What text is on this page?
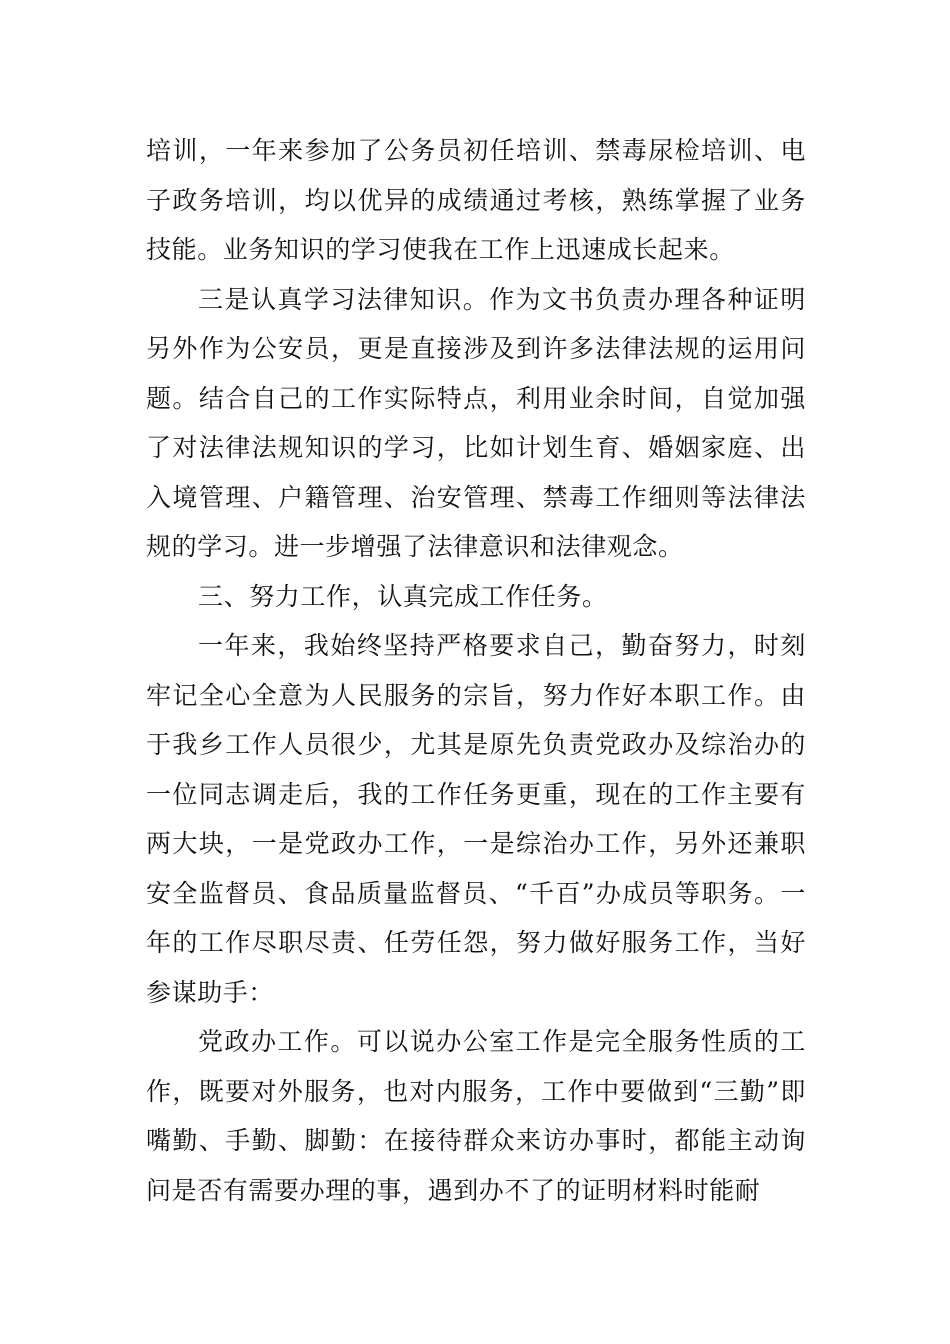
培训，一年来参加了公务员初任培训、禁毒尿检培训、电子政务培训，均以优异的成绩通过考核，熟练掌握了业务技能。业务知识的学习使我在工作上迅速成长起来。

三是认真学习法律知识。作为文书负责办理各种证明另外作为公安员，更是直接涉及到许多法律法规的运用问题。结合自己的工作实际特点，利用业余时间，自觉加强了对法律法规知识的学习，比如计划生育、婚姻家庭、出入境管理、户籍管理、治安管理、禁毒工作细则等法律法规的学习。进一步增强了法律意识和法律观念。

三、努力工作，认真完成工作任务。

一年来，我始终坚持严格要求自己，勤奋努力，时刻牢记全心全意为人民服务的宗旨，努力作好本职工作。由于我乡工作人员很少，尤其是原先负责党政办及综治办的一位同志调走后，我的工作任务更重，现在的工作主要有两大块，一是党政办工作，一是综治办工作，另外还兼职安全监督员、食品质量监督员、“千百”办成员等职务。一年的工作尽职尽责、任劳任怨，努力做好服务工作，当好参谋助手：

党政办工作。可以说办公室工作是完全服务性质的工作，既要对外服务，也对内服务，工作中要做到“三勤”即嘴勤、手勤、脚勤：在接待群众来访办事时，都能主动询问是否有需要办理的事，遇到办不了的证明材料时能耐
